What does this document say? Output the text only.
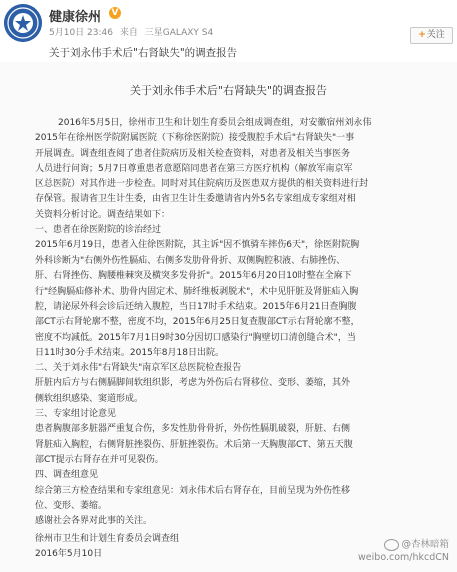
健康徐州 V
5月10日 23:46 来自 三星GALAXY S4	+关注
关于刘永伟手术后"右肾缺失"的调查报告
关于刘永伟手术后"右肾缺失"的调查报告
2016年5月5日，徐州市卫生和计划生育委员会组成调查组，对安徽宿州刘永伟
2015年在徐州医学院附属医院（下称徐医附院）接受腹腔手术后"右肾缺失"一事
开展调查。调查组查阅了患者住院病历及相关检查资料，对患者及相关当事医务
人员进行问询；5月7日尊重患者意愿陪同患者在第三方医疗机构（解放军南京军
区总医院）对其作进一步检查。同时对其住院病历及医患双方提供的相关资料进行封
存保管。报请省卫生计生委，由省卫生计生委邀请省内外5名专家组成专家组对相
关资料分析讨论。调查结果如下：
一、患者在徐医附院的诊治经过
2015年6月19日，患者入住徐医附院，其主诉"因不慎骑车摔伤6天"，徐医附院胸
外科诊断为"右侧外伤性膈疝、右侧多发肋骨骨折、双侧胸腔积液、右肺挫伤、
肝、右肾挫伤、胸腰椎棘突及横突多发骨折"。2015年6月20日10时整在全麻下
行"经胸膈疝修补术、肋骨内固定术、肺纤维板剥脱术"，术中见肝脏及肾脏疝入胸
腔，请泌尿外科会诊后还纳入腹腔，当日17时手术结束。2015年6月21日查胸腹
部CT示右肾轮廓不整，密度不均，2015年6月25日复查腹部CT示右肾轮廓不整，
密度不均减低。2015年7月1日9时30分因切口感染行"胸壁切口清创缝合术"，当
日11时30分手术结束。2015年8月18日出院。
二、关于刘永伟"右肾缺失"南京军区总医院检查报告
肝脏内后方与右侧膈脚间软组织影，考虑为外伤后右肾移位、变形、萎缩，其外
侧软组织感染、窦道形成。
三、专家组讨论意见
患者胸腹部多脏器严重复合伤，多发性肋骨骨折，外伤性膈肌破裂，肝脏、右侧
肾脏疝入胸腔，右侧肾脏挫裂伤、肝脏挫裂伤。术后第一天胸腹部CT、第五天腹
部CT提示右肾存在并可见裂伤。
四、调查组意见
综合第三方检查结果和专家组意见：刘永伟术后右肾存在，目前呈现为外伤性移
位、变形、萎缩。
感谢社会各界对此事的关注。
徐州市卫生和计划生育委员会调查组
2016年5月10日
@杏林暗箱
weibo.com/hkcdCN
